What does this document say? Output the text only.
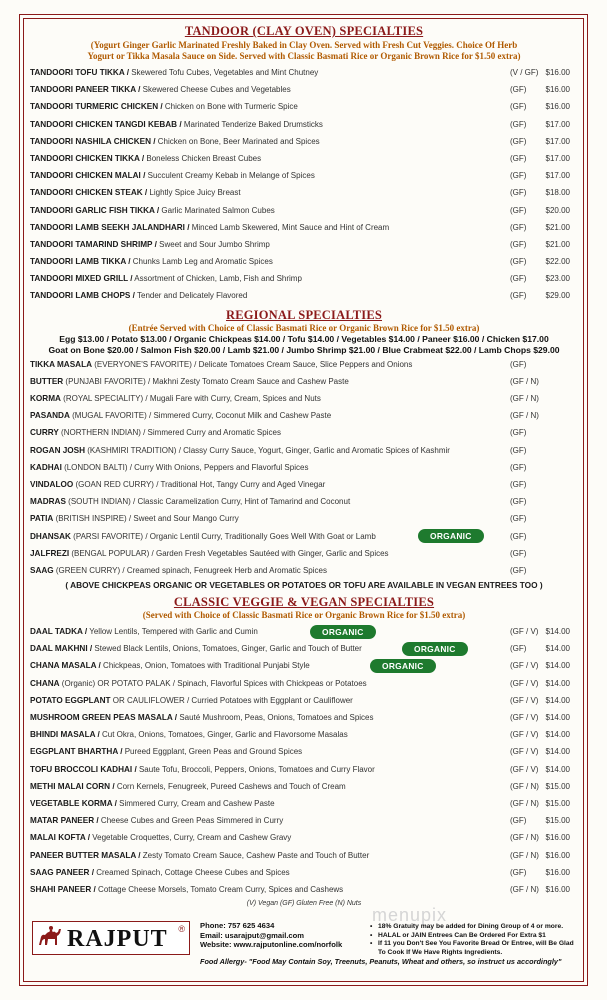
TANDOOR (CLAY OVEN) SPECIALTIES
(Yogurt Ginger Garlic Marinated Freshly Baked in Clay Oven. Served with Fresh Cut Veggies. Choice Of Herb
Yogurt or Tikka Masala Sauce on Side. Served with Classic Basmati Rice or Organic Brown Rice for $1.50 extra)
TANDOORI TOFU TIKKA / Skewered Tofu Cubes, Vegetables and Mint Chutney	(V / GF) $16.00
TANDOORI PANEER TIKKA / Skewered Cheese Cubes and Vegetables	(GF) $16.00
TANDOORI TURMERIC CHICKEN / Chicken on Bone with Turmeric Spice	(GF) $16.00
TANDOORI CHICKEN TANGDI KEBAB / Marinated Tenderize Baked Drumsticks	(GF) $17.00
TANDOORI NASHILA CHICKEN / Chicken on Bone, Beer Marinated and Spices	(GF) $17.00
TANDOORI CHICKEN TIKKA / Boneless Chicken Breast Cubes	(GF) $17.00
TANDOORI CHICKEN MALAI / Succulent Creamy Kebab in Melange of Spices	(GF) $17.00
TANDOORI CHICKEN STEAK / Lightly Spice Juicy Breast	(GF) $18.00
TANDOORI GARLIC FISH TIKKA / Garlic Marinated Salmon Cubes	(GF) $20.00
TANDOORI LAMB SEEKH JALANDHARI / Minced Lamb Skewered, Mint Sauce and Hint of Cream	(GF) $21.00
TANDOORI TAMARIND SHRIMP / Sweet and Sour Jumbo Shrimp	(GF) $21.00
TANDOORI LAMB TIKKA / Chunks Lamb Leg and Aromatic Spices	(GF) $22.00
TANDOORI MIXED GRILL / Assortment of Chicken, Lamb, Fish and Shrimp	(GF) $23.00
TANDOORI LAMB CHOPS / Tender and Delicately Flavored	(GF) $29.00
REGIONAL SPECIALTIES
(Entrée Served with Choice of Classic Basmati Rice or Organic Brown Rice for $1.50 extra)
Egg $13.00 / Potato $13.00 / Organic Chickpeas $14.00 / Tofu $14.00 / Vegetables $14.00 / Paneer $16.00 / Chicken $17.00
Goat on Bone $20.00 / Salmon Fish $20.00 / Lamb $21.00 / Jumbo Shrimp $21.00 / Blue Crabmeat $22.00 / Lamb Chops $29.00
TIKKA MASALA (EVERYONE'S FAVORITE) / Delicate Tomatoes Cream Sauce, Slice Peppers and Onions	(GF)
BUTTER (PUNJABI FAVORITE) / Makhni Zesty Tomato Cream Sauce and Cashew Paste	(GF / N)
KORMA (ROYAL SPECIALITY) / Mugali Fare with Curry, Cream, Spices and Nuts	(GF / N)
PASANDA (MUGAL FAVORITE) / Simmered Curry, Coconut Milk and Cashew Paste	(GF / N)
CURRY (NORTHERN INDIAN) / Simmered Curry and Aromatic Spices	(GF)
ROGAN JOSH (KASHMIRI TRADITION) / Classy Curry Sauce, Yogurt, Ginger, Garlic and Aromatic Spices of Kashmir	(GF)
KADHAI (LONDON BALTI) / Curry With Onions, Peppers and Flavorful Spices	(GF)
VINDALOO (GOAN RED CURRY) / Traditional Hot, Tangy Curry and Aged Vinegar	(GF)
MADRAS (SOUTH INDIAN) / Classic Caramelization Curry, Hint of Tamarind and Coconut	(GF)
PATIA (BRITISH INSPIRE) / Sweet and Sour Mango Curry	(GF)
DHANSAK (PARSI FAVORITE) / Organic Lentil Curry, Traditionally Goes Well With Goat or Lamb	(GF)
ORGANIC
JALFREZI (BENGAL POPULAR) / Garden Fresh Vegetables Sautéed with Ginger, Garlic and Spices	(GF)
SAAG (GREEN CURRY) / Creamed spinach, Fenugreek Herb and Aromatic Spices	(GF)
( ABOVE CHICKPEAS ORGANIC OR VEGETABLES OR POTATOES OR TOFU ARE AVAILABLE IN VEGAN ENTREES TOO )
CLASSIC VEGGIE & VEGAN SPECIALTIES
(Served with Choice of Classic Basmati Rice or Organic Brown Rice for $1.50 extra)
DAAL TADKA / Yellow Lentils, Tempered with Garlic and Cumin	(GF / V) $14.00
ORGANIC
DAAL MAKHNI / Stewed Black Lentils, Onions, Tomatoes, Ginger, Garlic and Touch of Butter	(GF) $14.00
ORGANIC
CHANA MASALA / Chickpeas, Onion, Tomatoes with Traditional Punjabi Style	(GF / V) $14.00
ORGANIC
CHANA (Organic) OR POTATO PALAK / Spinach, Flavorful Spices with Chickpeas or Potatoes	(GF / V) $14.00
POTATO EGGPLANT OR CAULIFLOWER / Curried Potatoes with Eggplant or Cauliflower	(GF / V) $14.00
MUSHROOM GREEN PEAS MASALA / Sauté Mushroom, Peas, Onions, Tomatoes and Spices	(GF / V) $14.00
BHINDI MASALA / Cut Okra, Onions, Tomatoes, Ginger, Garlic and Flavorsome Masalas	(GF / V) $14.00
EGGPLANT BHARTHA / Pureed Eggplant, Green Peas and Ground Spices	(GF / V) $14.00
TOFU BROCCOLI KADHAI / Saute Tofu, Broccoli, Peppers, Onions, Tomatoes and Curry Flavor	(GF / V) $14.00
METHI MALAI CORN / Corn Kernels, Fenugreek, Pureed Cashews and Touch of Cream	(GF / N) $15.00
VEGETABLE KORMA / Simmered Curry, Cream and Cashew Paste	(GF / N) $15.00
MATAR PANEER / Cheese Cubes and Green Peas Simmered in Curry	(GF) $15.00
MALAI KOFTA / Vegetable Croquettes, Curry, Cream and Cashew Gravy	(GF / N) $16.00
PANEER BUTTER MASALA / Zesty Tomato Cream Sauce, Cashew Paste and Touch of Butter	(GF / N) $16.00
SAAG PANEER / Creamed Spinach, Cottage Cheese Cubes and Spices	(GF) $16.00
SHAHI PANEER / Cottage Cheese Morsels, Tomato Cream Curry, Spices and Cashews	(GF / N) $16.00
(V) Vegan (GF) Gluten Free (N) Nuts
menupix
RAJPUT ® Phone: 757 625 4634
Email: usarajput@gmail.com
Website: www.rajputonline.com/norfolk
• 18% Gratuity may be added for Dining Group of 4 or more.
• HALAL or JAIN Entrees Can Be Ordered For Extra $1
• If 11 you Don't See You Favorite Bread Or Entree, will Be Glad To Cook If We Have Rights Ingredients.
Food Allergy- "Food May Contain Soy, Treenuts, Peanuts, Wheat and others, so instruct us accordingly"
